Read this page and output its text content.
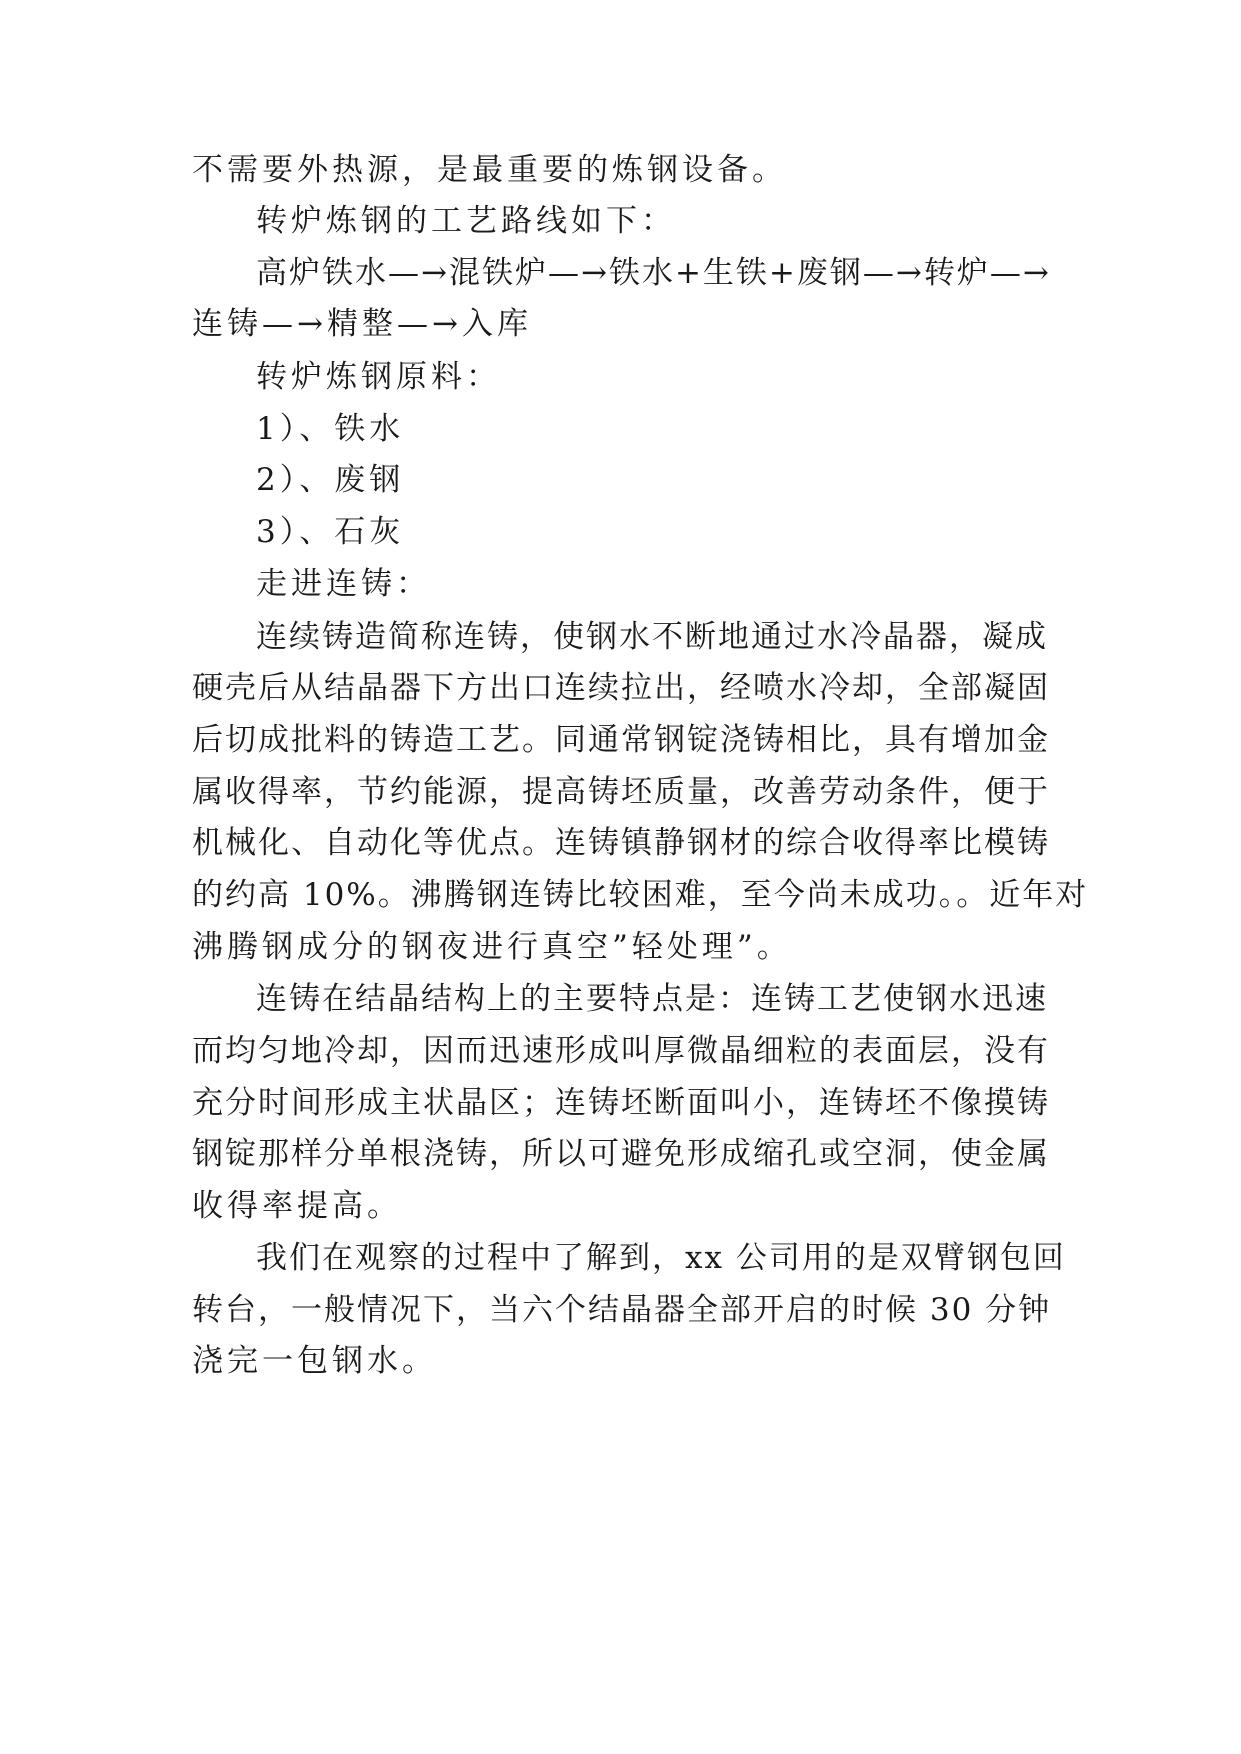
不需要外热源，是最重要的炼钢设备。
转炉炼钢的工艺路线如下：
高炉铁水—→混铁炉—→铁水+生铁+废钢—→转炉—→
连铸—→精整—→入库
转炉炼钢原料：
1）、铁水
2）、废钢
3）、石灰
走进连铸：
连续铸造简称连铸，使钢水不断地通过水冷晶器，凝成
硬壳后从结晶器下方出口连续拉出，经喷水冷却，全部凝固
后切成批料的铸造工艺。同通常钢锭浇铸相比，具有增加金
属收得率，节约能源，提高铸坯质量，改善劳动条件，便于
机械化、自动化等优点。连铸镇静钢材的综合收得率比模铸
的约高 10%。沸腾钢连铸比较困难，至今尚未成功。。近年对
沸腾钢成分的钢夜进行真空”轻处理”。
连铸在结晶结构上的主要特点是：连铸工艺使钢水迅速
而均匀地冷却，因而迅速形成叫厚微晶细粒的表面层，没有
充分时间形成主状晶区；连铸坯断面叫小，连铸坯不像摸铸
钢锭那样分单根浇铸，所以可避免形成缩孔或空洞，使金属
收得率提高。
我们在观察的过程中了解到，xx 公司用的是双臂钢包回
转台，一般情况下，当六个结晶器全部开启的时候 30 分钟
浇完一包钢水。
